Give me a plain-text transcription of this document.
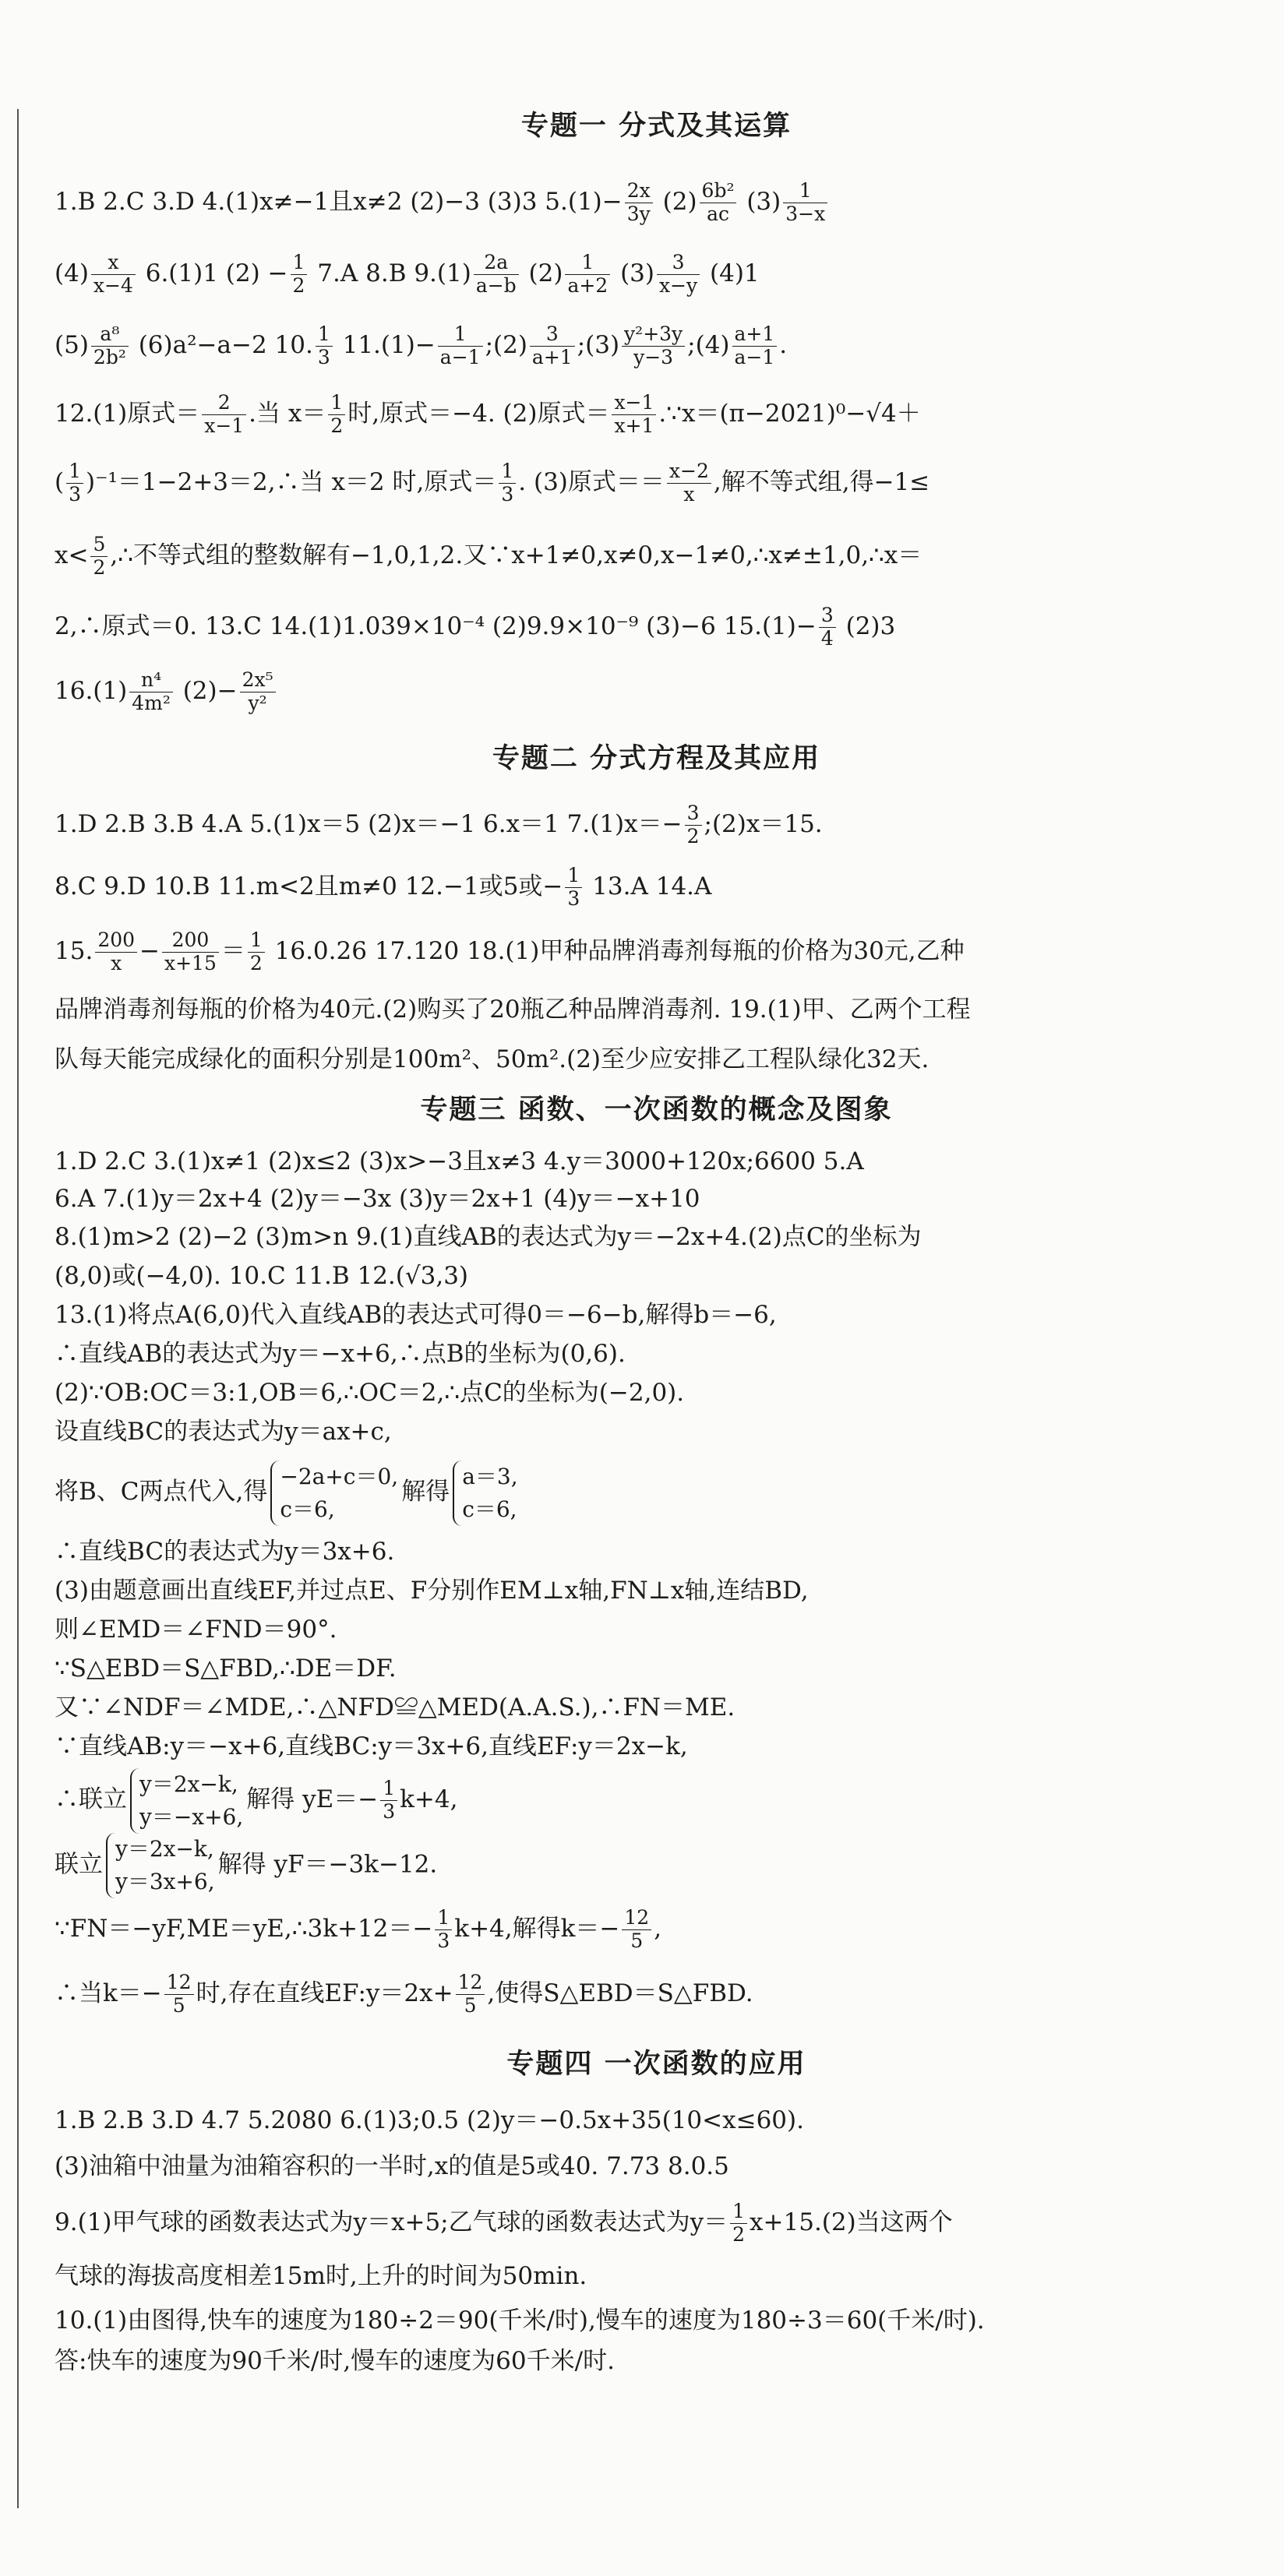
专题一 分式及其运算
1.B 2.C 3.D 4.(1)x≠−1且x≠2 (2)−3 (3)3 $5.(1)- \frac{2x}{3y} (2) \frac{\text{6b²}}{ac} (3) \frac{1}{3-x}$
$(4) \frac{x}{x-4} 6.(1)1$ $(2) - \frac{1}{2} 7.A$ 8.B $9.(1) \frac{2a}{a-b} (2) \frac{1}{a+2} (3) \frac{3}{x-y} (4)1$
$(5) \frac{\text{a⁸}}{\text{2b²}} (6)a^2-a-2$ 10. $\frac{1}{3} 11.(1)- \frac{1}{a-1}$ ;(2) $\frac{3}{a+1}$ ;(3) $\frac{\text{y²+3y}}{y-3}$ ;(4) $\frac{a+1}{a-1}$ .
12.(1)原式＝ $\frac{2}{x-1}$ .当 $x= \frac{1}{2}$ 时,原式＝−4. (2)原式＝ $\frac{x-1}{x+1}$ .∵x＝(π−2021)⁰−√4＋
( $\frac{1}{3}$ )⁻¹＝1−2+3＝2,∴当 x＝2 时,原式＝ $\frac{1}{3}$ . (3)原式＝＝ $\frac{x-2}{x}$ ,解不等式组,得−1≤
$x< \frac{5}{2}$ ,∴不等式组的整数解有−1,0,1,2.又∵x+1≠0,x≠0,x−1≠0,∴x≠±1,0,∴x＝
2,∴原式＝0. 13.C 14.(1)1.039×10⁻⁴ (2)9.9×10⁻⁹ (3)−6 $15.(1)- \frac{3}{4} (2)3$
$16.(1) \frac{\text{n⁴}}{\text{4m²}} (2)- \frac{\text{2x⁵}}{\text{y²}}$
专题二 分式方程及其应用
1.D 2.B 3.B 4.A 5.(1)x＝5 (2)x＝−1 6.x＝1 $7.(1)x=- \frac{3}{2}$ ;(2)x＝15.
8.C 9.D 10.B 11.m<2且m≠0 12.−1或5或− $\frac{1}{3} 13.A$ 14.A
15. $\frac{200}{x} - \frac{200}{x+15} = \frac{1}{2} 16.0.26$ 17.120 18.(1)甲种品牌消毒剂每瓶的价格为30元,乙种
品牌消毒剂每瓶的价格为40元.(2)购买了20瓶乙种品牌消毒剂. 19.(1)甲、乙两个工程
队每天能完成绿化的面积分别是100m²、50m².(2)至少应安排乙工程队绿化32天.
专题三 函数、一次函数的概念及图象
1.D 2.C 3.(1)x≠1 (2)x≤2 (3)x>−3且x≠3 4.y＝3000+120x;6600 5.A
6.A 7.(1)y＝2x+4 (2)y＝−3x (3)y＝2x+1 (4)y＝−x+10
8.(1)m>2 (2)−2 (3)m>n 9.(1)直线AB的表达式为y＝−2x+4.(2)点C的坐标为
(8,0)或(−4,0). 10.C 11.B 12.(√3,3)
13.(1)将点A(6,0)代入直线AB的表达式可得0＝−6−b,解得b＝−6,
∴直线AB的表达式为y＝−x+6,∴点B的坐标为(0,6).
(2)∵OB:OC＝3:1,OB＝6,∴OC＝2,∴点C的坐标为(−2,0).
设直线BC的表达式为y＝ax+c,
将B、C两点代入,得
−2a+c＝0,
c＝6,
解得
a＝3,
c＝6,
∴直线BC的表达式为y＝3x+6.
(3)由题意画出直线EF,并过点E、F分别作EM⊥x轴,FN⊥x轴,连结BD,
则∠EMD＝∠FND＝90°.
∵S△EBD＝S△FBD,∴DE＝DF.
又∵∠NDF＝∠MDE,∴△NFD≌△MED(A.A.S.),∴FN＝ME.
∵直线AB:y＝−x+6,直线BC:y＝3x+6,直线EF:y＝2x−k,
∴联立
y＝2x−k,
y＝−x+6,
解得 $yE=- \frac{1}{3} k+4$,
联立
y＝2x−k,
y＝3x+6,
解得 yF＝−3k−12.
∵FN＝−yF,ME＝yE,∴3k+12＝− $\frac{1}{3} k+4$,解得$k=- \frac{12}{5}$ ,
∴当$k=- \frac{12}{5}$ 时,存在直线EF:y＝2x+ $\frac{12}{5}$ ,使得S△EBD＝S△FBD.
专题四 一次函数的应用
1.B 2.B 3.D 4.7 5.2080 6.(1)3;0.5 (2)y＝−0.5x+35(10<x≤60).
(3)油箱中油量为油箱容积的一半时,x的值是5或40. 7.73 8.0.5
9.(1)甲气球的函数表达式为y＝x+5;乙气球的函数表达式为$y= \frac{1}{2} x+15.(2)$当这两个
气球的海拔高度相差15m时,上升的时间为50min.
10.(1)由图得,快车的速度为180÷2＝90(千米/时),慢车的速度为180÷3＝60(千米/时).
答:快车的速度为90千米/时,慢车的速度为60千米/时.
